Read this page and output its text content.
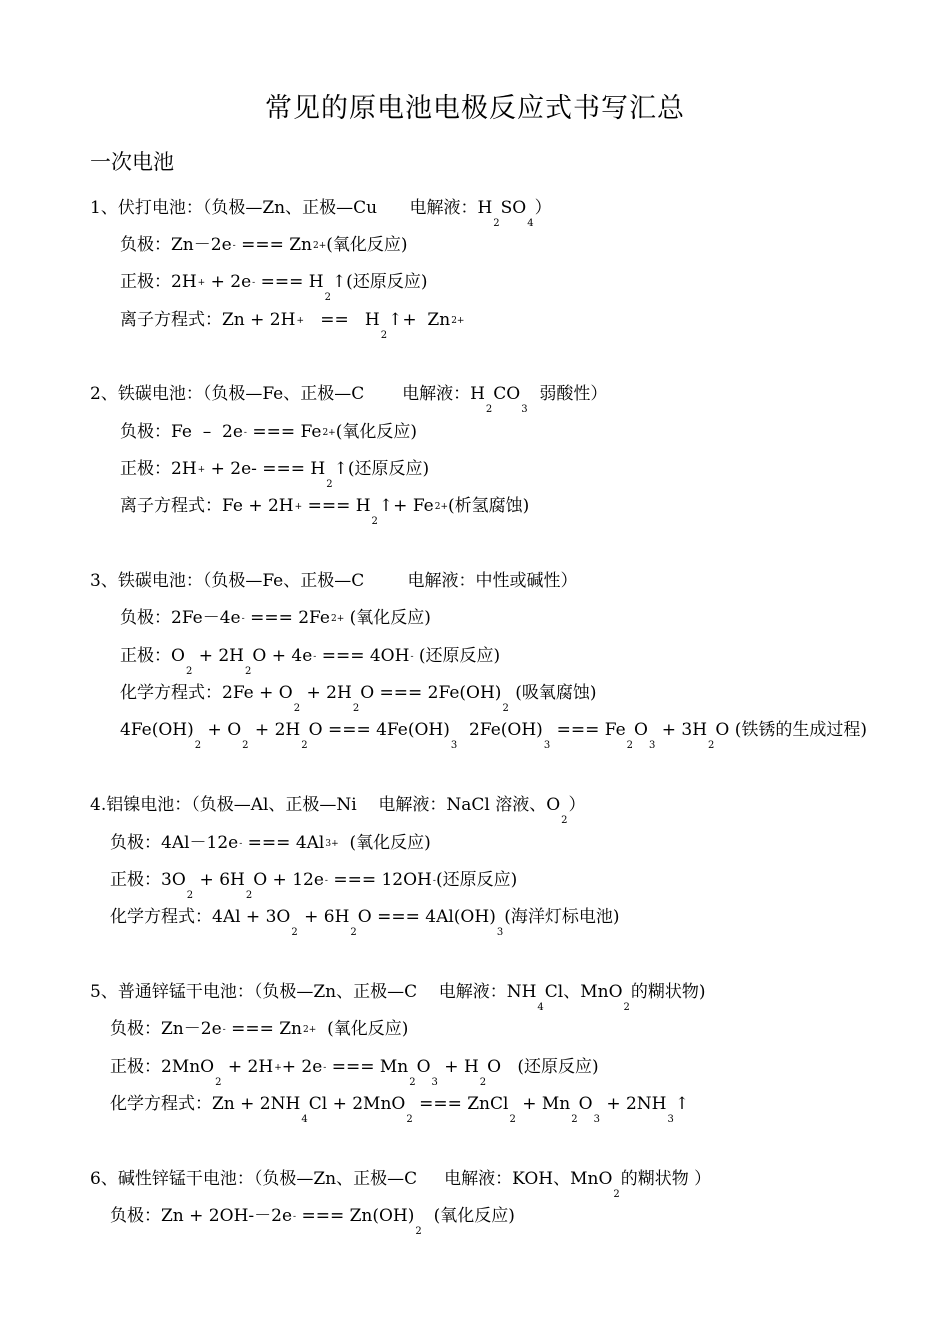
常见的原电池电极反应式书写汇总
一次电池
1、伏打电池：（负极—Zn、正极—Cu      电解液：$H_2SO_4$）
负极：Zn－2e- === Zn2+(氧化反应)
正极：2H+ + 2e- === $H_2↑$(还原反应)
离子方程式：$Zn + 2H+ == H_2↑+ Zn2+$
2、铁碳电池：（负极—Fe、正极—C       电解液：$H_2CO_3$  弱酸性）
负极：Fe  –  2e- === Fe2+(氧化反应)
正极：2H+ + 2e- === $H_2↑$(还原反应)
离子方程式：Fe + 2H+ === $H_2↑+ Fe2+$(析氢腐蚀)
3、铁碳电池：（负极—Fe、正极—C        电解液：中性或碱性）
负极：2Fe－4e- === 2Fe2+ (氧化反应)
正极：$O_2 + 2H_2O + 4e-$ === 4OH- (还原反应)
化学方程式：$2Fe + O_2 + 2H_2O$ === $2Fe(OH)_2$ (吸氧腐蚀)
$4Fe(OH)_2 + O_2 + 2H_2O$ === $4Fe(OH)_3$  $2Fe(OH)_3$ === $Fe_2O_3 + 3H_2O$ (铁锈的生成过程)
4.铝镍电池：（负极—Al、正极—Ni    电解液：NaCl 溶液、$O_2$）
负极：4Al－12e- === 4Al3+  (氧化反应)
正极：$3O_2 + 6H_2O + 12e-$ === 12OH-(还原反应)
化学方程式：$4Al + 3O_2 + 6H_2O$ === $4Al(OH)_3$(海洋灯标电池)
5、普通锌锰干电池：（负极—Zn、正极—C    电解液：$NH_4Cl$、MnO$_2$的糊状物)
负极：Zn－2e- === Zn2+  (氧化反应)
正极：2MnO$_2$ + 2H++ 2e- === $Mn_2O_3 + H_2O$   (还原反应)
化学方程式：$Zn + 2NH_4Cl + 2MnO_2$ === ZnCl$_2$ + $Mn_2O_3$ + $2NH_3↑$
6、碱性锌锰干电池：（负极—Zn、正极—C     电解液：KOH、MnO$_2$的糊状物 ）
负极：Zn + 2OH-－2e- === $Zn(OH)_2$  (氧化反应)
